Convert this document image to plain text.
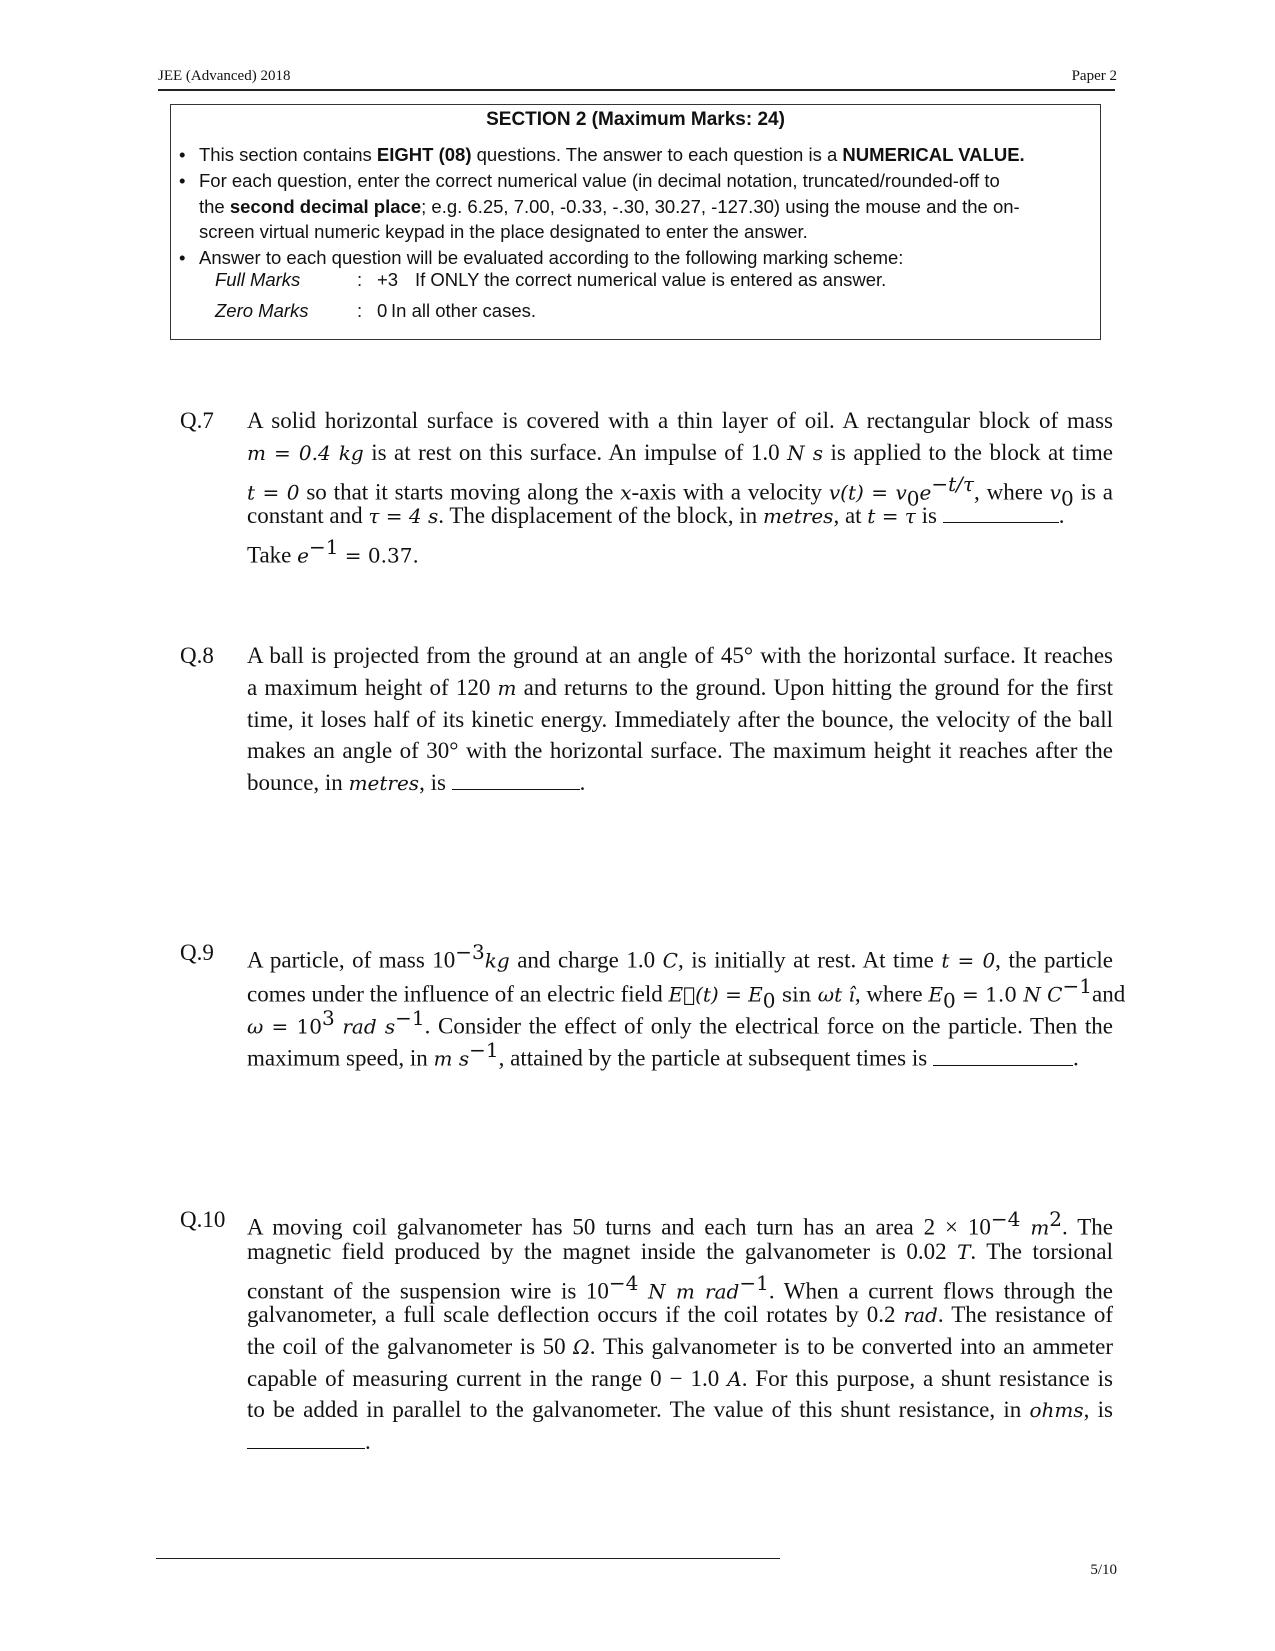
JEE (Advanced) 2018	Paper 2
SECTION 2 (Maximum Marks: 24)
• This section contains EIGHT (08) questions. The answer to each question is a NUMERICAL VALUE.
• For each question, enter the correct numerical value (in decimal notation, truncated/rounded-off to
the second decimal place; e.g. 6.25, 7.00, -0.33, -.30, 30.27, -127.30) using the mouse and the on-
screen virtual numeric keypad in the place designated to enter the answer.
• Answer to each question will be evaluated according to the following marking scheme:
Full Marks	: +3 If ONLY the correct numerical value is entered as answer.
Zero Marks	: 0 In all other cases.
Q.7 A solid horizontal surface is covered with a thin layer of oil. A rectangular block of mass
m = 0.4 kg is at rest on this surface. An impulse of 1.0 N s is applied to the block at time
t = 0 so that it starts moving along the x-axis with a velocity $v(t) = v_0e^{-t/\tau}$, where $v_0$ is a
constant and τ = 4 s. The displacement of the block, in metres, at t = τ is	.
Take $e^{-1} = 0.37$.
Q.8 A ball is projected from the ground at an angle of 45° with the horizontal surface. It reaches
a maximum height of 120 m and returns to the ground. Upon hitting the ground for the first
time, it loses half of its kinetic energy. Immediately after the bounce, the velocity of the ball
makes an angle of 30° with the horizontal surface. The maximum height it reaches after the
bounce, in metres, is	.
Q.9 A particle, of mass $10^{-3}kg$ and charge 1.0 C, is initially at rest. At time t = 0, the particle
comes under the influence of an electric field E⃗(t) = $E_0$ sin ωt î, where $E_0 = 1.0$ N $C^{-1}and$
$\omega = 10^3$ rad $s^{-1}$. Consider the effect of only the electrical force on the particle. Then the
maximum speed, in m $s^{-1}$, attained by the particle at subsequent times is	.
Q.10 A moving coil galvanometer has 50 turns and each turn has an area $2 \times 10^{-4}$ $m^2$. The
magnetic field produced by the magnet inside the galvanometer is 0.02 T. The torsional
constant of the suspension wire is $10^{-4}$ N m rad$^{-1}$. When a current flows through the
galvanometer, a full scale deflection occurs if the coil rotates by 0.2 rad. The resistance of
the coil of the galvanometer is 50 Ω. This galvanometer is to be converted into an ammeter
capable of measuring current in the range 0 − 1.0 A. For this purpose, a shunt resistance is
to be added in parallel to the galvanometer. The value of this shunt resistance, in ohms, is
.
5/10
